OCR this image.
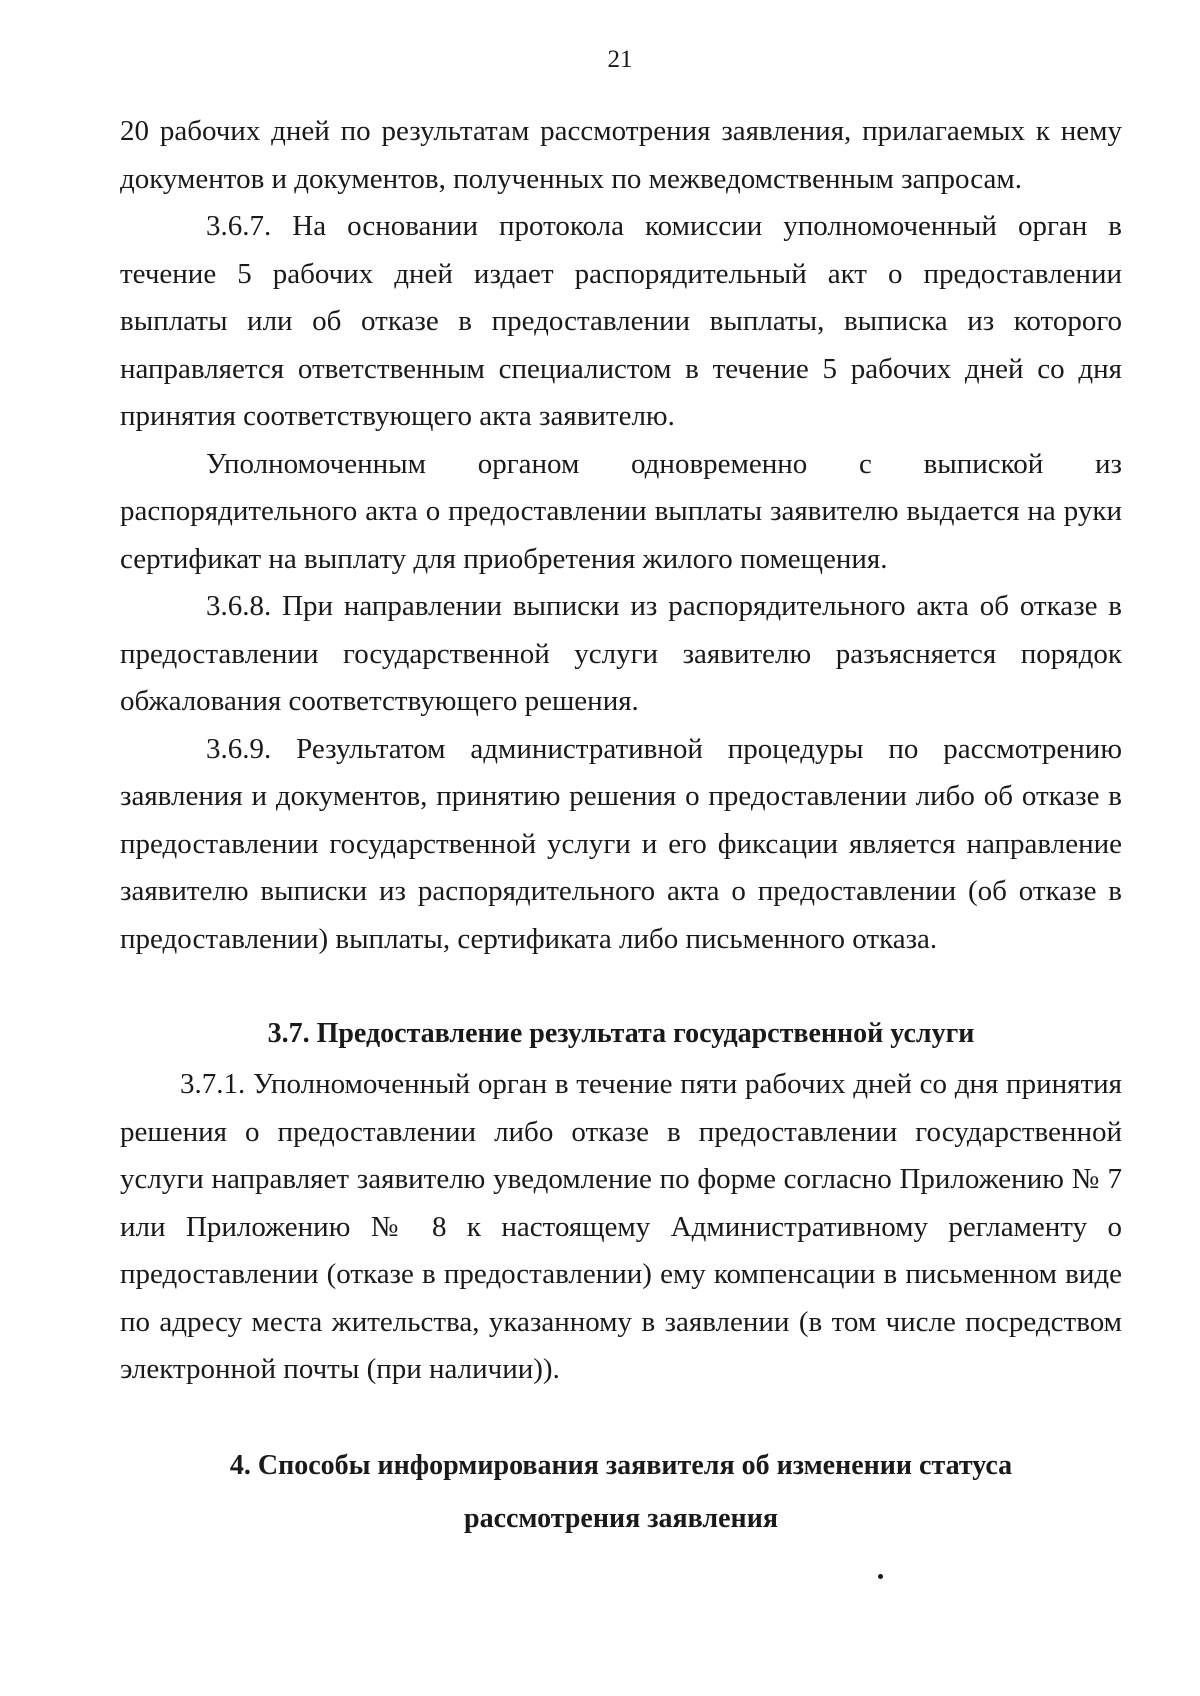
21

20 рабочих дней по результатам рассмотрения заявления, прилагаемых к нему документов и документов, полученных по межведомственным запросам.

3.6.7. На основании протокола комиссии уполномоченный орган в течение 5 рабочих дней издает распорядительный акт о предоставлении выплаты или об отказе в предоставлении выплаты, выписка из которого направляется ответственным специалистом в течение 5 рабочих дней со дня принятия соответствующего акта заявителю.

Уполномоченным органом одновременно с выпиской из распорядительного акта о предоставлении выплаты заявителю выдается на руки сертификат на выплату для приобретения жилого помещения.

3.6.8. При направлении выписки из распорядительного акта об отказе в предоставлении государственной услуги заявителю разъясняется порядок обжалования соответствующего решения.

3.6.9. Результатом административной процедуры по рассмотрению заявления и документов, принятию решения о предоставлении либо об отказе в предоставлении государственной услуги и его фиксации является направление заявителю выписки из распорядительного акта о предоставлении (об отказе в предоставлении) выплаты, сертификата либо письменного отказа.

3.7. Предоставление результата государственной услуги

3.7.1. Уполномоченный орган в течение пяти рабочих дней со дня принятия решения о предоставлении либо отказе в предоставлении государственной услуги направляет заявителю уведомление по форме согласно Приложению № 7 или Приложению № 8 к настоящему Административному регламенту о предоставлении (отказе в предоставлении) ему компенсации в письменном виде по адресу места жительства, указанному в заявлении (в том числе посредством электронной почты (при наличии)).

4. Способы информирования заявителя об изменении статуса
рассмотрения заявления
